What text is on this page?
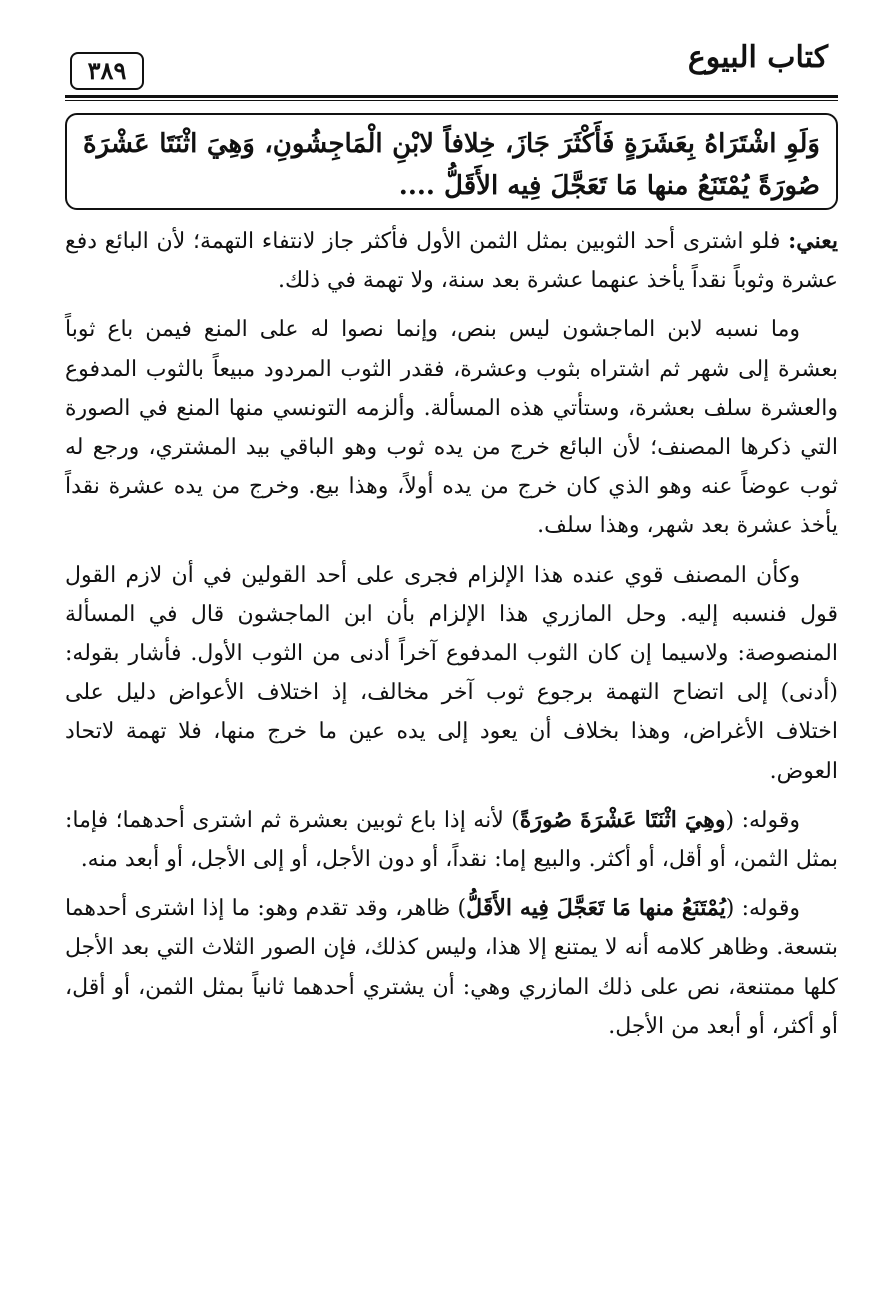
٣٨٩	كتاب البيوع

وَلَوِ اشْتَرَاهُ بِعَشَرَةٍ فَأَكْثَرَ جَازَ، خِلافاً لابْنِ الْمَاجِشُونِ، وَهِيَ اثْنَتَا عَشْرَةَ صُورَةً يُمْتَنَعُ منها مَا تَعَجَّلَ فِيه الأَقَلُّ ....

يعني: فلو اشترى أحد الثوبين بمثل الثمن الأول فأكثر جاز لانتفاء التهمة؛ لأن البائع دفع عشرة وثوباً نقداً يأخذ عنهما عشرة بعد سنة، ولا تهمة في ذلك.

وما نسبه لابن الماجشون ليس بنص، وإنما نصوا له على المنع فيمن باع ثوباً بعشرة إلى شهر ثم اشتراه بثوب وعشرة، فقدر الثوب المردود مبيعاً بالثوب المدفوع والعشرة سلف بعشرة، وستأتي هذه المسألة. وألزمه التونسي منها المنع في الصورة التي ذكرها المصنف؛ لأن البائع خرج من يده ثوب وهو الباقي بيد المشتري، ورجع له ثوب عوضاً عنه وهو الذي كان خرج من يده أولاً، وهذا بيع. وخرج من يده عشرة نقداً يأخذ عشرة بعد شهر، وهذا سلف.

وكأن المصنف قوي عنده هذا الإلزام فجرى على أحد القولين في أن لازم القول قول فنسبه إليه. وحل المازري هذا الإلزام بأن ابن الماجشون قال في المسألة المنصوصة: ولاسيما إن كان الثوب المدفوع آخراً أدنى من الثوب الأول. فأشار بقوله:(أدنى) إلى اتضاح التهمة برجوع ثوب آخر مخالف، إذ اختلاف الأعواض دليل على اختلاف الأغراض، وهذا بخلاف أن يعود إلى يده عين ما خرج منها، فلا تهمة لاتحاد العوض.

وقوله: (وهِيَ اثْنَتَا عَشْرَةَ صُورَةً) لأنه إذا باع ثوبين بعشرة ثم اشترى أحدهما؛ فإما: بمثل الثمن، أو أقل، أو أكثر. والبيع إما: نقداً، أو دون الأجل، أو إلى الأجل، أو أبعد منه.

وقوله: (يُمْتَنَعُ منها مَا تَعَجَّلَ فِيه الأَقَلُّ) ظاهر، وقد تقدم وهو: ما إذا اشترى أحدهما بتسعة. وظاهر كلامه أنه لا يمتنع إلا هذا، وليس كذلك، فإن الصور الثلاث التي بعد الأجل كلها ممتنعة، نص على ذلك المازري وهي: أن يشتري أحدهما ثانياً بمثل الثمن، أو أقل، أو أكثر، أو أبعد من الأجل.
